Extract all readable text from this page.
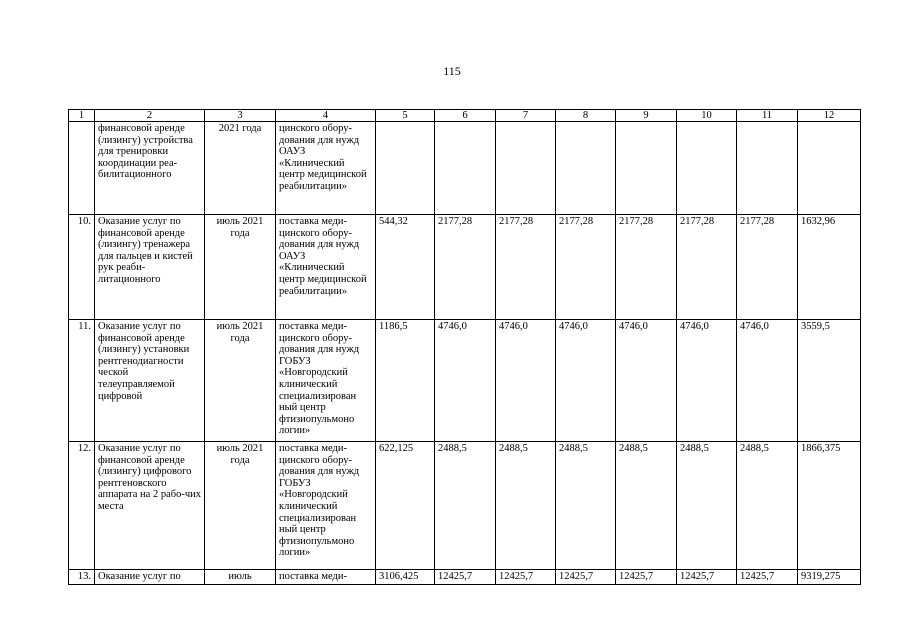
115
1	2	3	4	5	6	7	8	9	10	11	12
	финансовой аренде (лизингу) устройства для тренировки координации реа-билитационного	2021 года	цинского обору-дования для нужд ОАУЗ «Клинический центр медицинской реабилитации»								
10.	Оказание услуг по финансовой аренде (лизингу) тренажера для пальцев и кистей рук реаби-литационного	июль 2021 года	поставка меди-цинского обору-дования для нужд ОАУЗ «Клинический центр медицинской реабилитации»	544,32	2177,28	2177,28	2177,28	2177,28	2177,28	2177,28	1632,96
11.	Оказание услуг по финансовой аренде (лизингу) установки рентгенодиагности ческой телеуправляемой цифровой	июль 2021 года	поставка меди-цинского обору-дования для нужд ГОБУЗ «Новгородский клинический специализирован ный центр фтизиопульмоно логии»	1186,5	4746,0	4746,0	4746,0	4746,0	4746,0	4746,0	3559,5
12.	Оказание услуг по финансовой аренде (лизингу) цифрового рентгеновского аппарата на 2 рабо-чих места	июль 2021 года	поставка меди-цинского обору-дования для нужд ГОБУЗ «Новгородский клинический специализирован ный центр фтизиопульмоно логии»	622,125	2488,5	2488,5	2488,5	2488,5	2488,5	2488,5	1866,375
13.	Оказание услуг по	июль	поставка меди-	3106,425	12425,7	12425,7	12425,7	12425,7	12425,7	12425,7	9319,275
